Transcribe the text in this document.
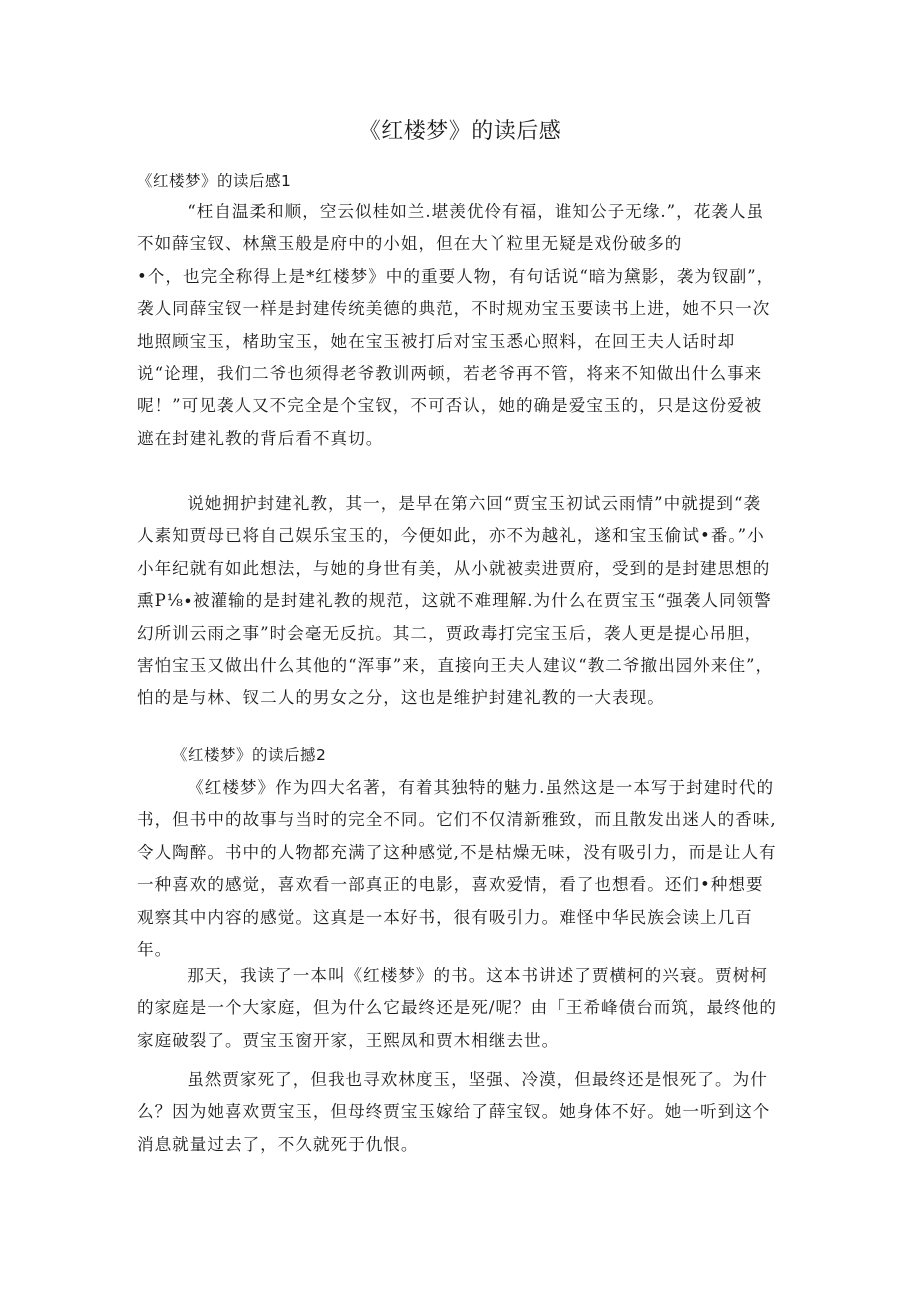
《红楼梦》的读后感
《红楼梦》的读后感1

“枉自温柔和顺，空云似桂如兰.堪羡优伶有福，谁知公子无缘.”，花袭人虽不如薛宝钗、林黛玉般是府中的小姐，但在大丫粒里无疑是戏份破多的
•个，也完全称得上是*红楼梦》中的重要人物，有句话说“暗为黛影，袭为钗副”，袭人同薛宝钗一样是封建传统美德的典范，不时规劝宝玉要读书上进，她不只一次地照顾宝玉，楮助宝玉，她在宝玉被打后对宝玉悉心照料，在回王夫人话时却说“论理，我们二爷也须得老爷教训两顿，若老爷再不管，将来不知做出什么事来呢！”可见袭人又不完全是个宝钗，不可否认，她的确是爱宝玉的，只是这份爱被遮在封建礼教的背后看不真切。

说她拥护封建礼教，其一，是早在第六回“贾宝玉初试云雨情”中就提到“袭人素知贾母已将自己娱乐宝玉的，今便如此，亦不为越礼，遂和宝玉偷试•番。”小小年纪就有如此想法，与她的身世有美，从小就被卖进贾府，受到的是封建思想的熏P⅛∙被灌输的是封建礼教的规范，这就不难理解.为什么在贾宝玉“强袭人同领警幻所训云雨之事”时会毫无反抗。其二，贾政毒打完宝玉后，袭人更是提心吊胆，害怕宝玉又做出什么其他的“浑事”来，直接向王夫人建议“教二爷撤出园外来住”，怕的是与林、钗二人的男女之分，这也是维护封建礼教的一大表现。

《红楼梦》的读后撼2

《红楼梦》作为四大名著，有着其独特的魅力.虽然这是一本写于封建时代的书，但书中的故事与当时的完全不同。它们不仅清新雅致，而且散发出迷人的香味,令人陶醉。书中的人物都充满了这种感觉,不是枯燥无味，没有吸引力，而是让人有一种喜欢的感觉，喜欢看一部真正的电影，喜欢爱情，看了也想看。还们•种想要观察其中内容的感觉。这真是一本好书，很有吸引力。难怪中华民族会读上几百年。

那天，我读了一本叫《红楼梦》的书。这本书讲述了贾横柯的兴衰。贾树柯的家庭是一个大家庭，但为什么它最终还是死/呢？由「王希峰债台而筑，最终他的家庭破裂了。贾宝玉窗开家，王熙凤和贾木相继去世。

虽然贾家死了，但我也寻欢林度玉，坚强、冷漠，但最终还是恨死了。为什么？因为她喜欢贾宝玉，但母终贾宝玉嫁给了薛宝钗。她身体不好。她一听到这个消息就量过去了，不久就死于仇恨。
